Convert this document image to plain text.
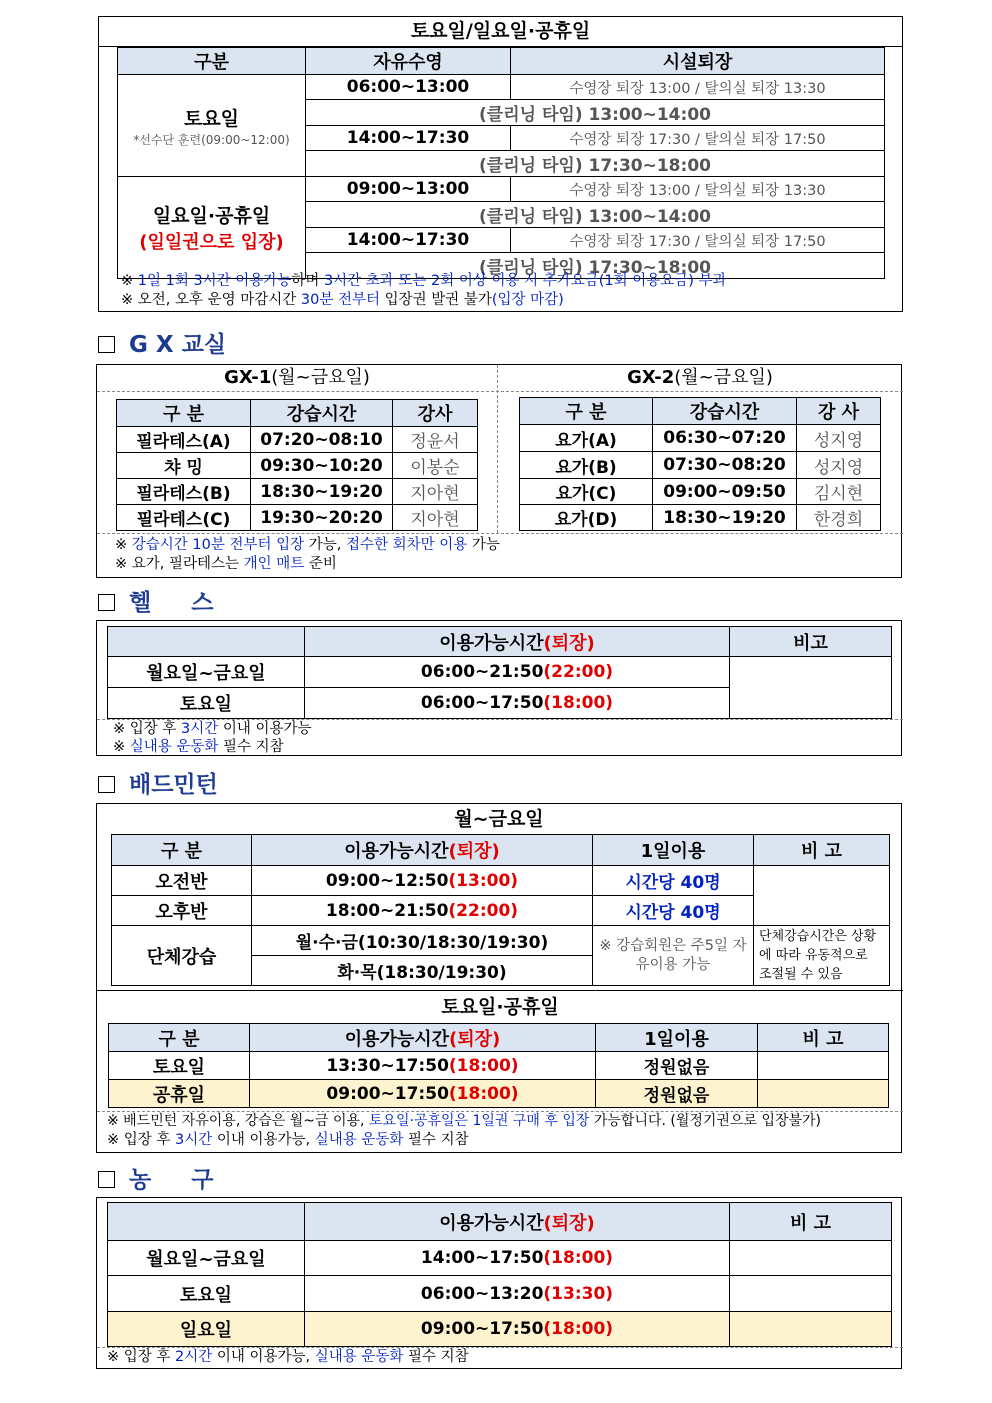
토요일/일요일·공휴일
구분	자유수영	시설퇴장

토요일
*선수단 훈련(09:00~12:00)	06:00~13:00	수영장 퇴장 13:00 / 탈의실 퇴장 13:30
	(클리닝 타임) 13:00~14:00	
	14:00~17:30	수영장 퇴장 17:30 / 탈의실 퇴장 17:50
	(클리닝 타임) 17:30~18:00	

일요일·공휴일
(일일권으로 입장)	09:00~13:00	수영장 퇴장 13:00 / 탈의실 퇴장 13:30
	(클리닝 타임) 13:00~14:00	
	14:00~17:30	수영장 퇴장 17:30 / 탈의실 퇴장 17:50
	(클리닝 타임) 17:30~18:00	
※ 1일 1회 3시간 이용가능하며 3시간 초과 또는 2회 이상 이용 시 추가요금(1회 이용요금) 부과
※ 오전, 오후 운영 마감시간 30분 전부터 입장권 발권 불가(입장 마감)
G X 교실
GX-1(월~금요일)	GX-2(월~금요일)
구 분	강습시간	강사
필라테스(A)	07:20~08:10	정윤서
챠 밍	09:30~10:20	이봉순
필라테스(B)	18:30~19:20	지아현
필라테스(C)	19:30~20:20	지아현
구 분	강습시간	강 사
요가(A)	06:30~07:20	성지영
요가(B)	07:30~08:20	성지영
요가(C)	09:00~09:50	김시현
요가(D)	18:30~19:20	한경희
※ 강습시간 10분 전부터 입장 가능, 접수한 회차만 이용 가능
※ 요가, 필라테스는 개인 매트 준비
헬     스
	이용가능시간(퇴장)	비고
월요일~금요일	06:00~21:50(22:00)	
토요일	06:00~17:50(18:00)	
※ 입장 후 3시간 이내 이용가능
※ 실내용 운동화 필수 지참
배드민턴
월~금요일
구 분	이용가능시간(퇴장)	1일이용	비 고
오전반	09:00~12:50(13:00)	시간당 40명	
오후반	18:00~21:50(22:00)	시간당 40명	
단체강습	월·수·금(10:30/18:30/19:30)	※ 강습회원은 주5일 자유이용 가능	단체강습시간은 상황에 따라 유동적으로 조절될 수 있음
	화·목(18:30/19:30)		
토요일·공휴일
구 분	이용가능시간(퇴장)	1일이용	비 고
토요일	13:30~17:50(18:00)	정원없음	
공휴일	09:00~17:50(18:00)	정원없음	
※ 배드민턴 자유이용, 강습은 월~금 이용, 토요일·공휴일은 1일권 구매 후 입장 가능합니다. (월정기권으로 입장불가)
※ 입장 후 3시간 이내 이용가능, 실내용 운동화 필수 지참
농     구
	이용가능시간(퇴장)	비 고
월요일~금요일	14:00~17:50(18:00)	
토요일	06:00~13:20(13:30)	
일요일	09:00~17:50(18:00)	
※ 입장 후 2시간 이내 이용가능, 실내용 운동화 필수 지참
